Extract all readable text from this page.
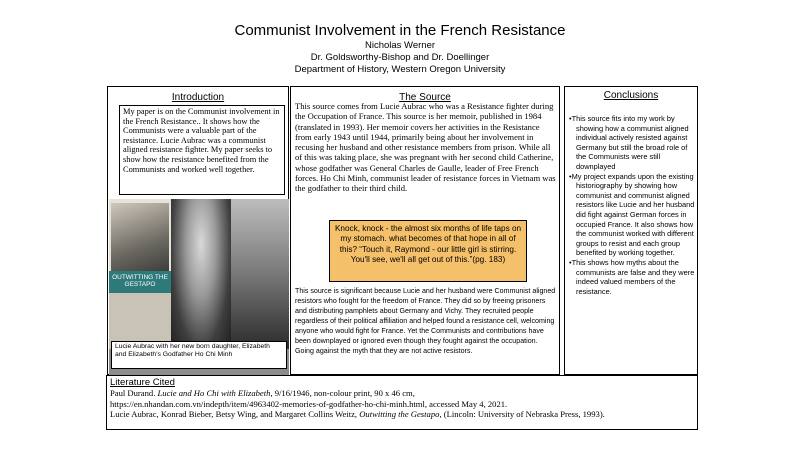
Communist Involvement in the French Resistance
Nicholas Werner
Dr. Goldsworthy-Bishop and Dr. Doellinger
Department of History, Western Oregon University
Introduction
My paper is on the Communist involvement in the French Resistance.. It shows how the Communists were a valuable part of the resistance. Lucie Aubrac was a communist aligned resistance fighter. My paper seeks to show how the resistance benefited from the Communists and worked well together.
OUTWITTING THE GESTAPO
Lucie Aubrac with her new born daughter, Elizabeth and Elizabeth's Godfather Ho Chi Minh
The Source
This source comes from Lucie Aubrac who was a Resistance fighter during the Occupation of France. This source is her memoir, published in 1984 (translated in 1993). Her memoir covers her activities in the Resistance from early 1943 until 1944, primarily being about her involvement in recusing her husband and other resistance members from prison. While all of this was taking place, she was pregnant with her second child Catherine, whose godfather was General Charles de Gaulle, leader of Free French forces. Ho Chi Minh, communist leader of resistance forces in Vietnam was the godfather to their third child.
Knock, knock - the almost six months of life taps on my stomach. what becomes of that hope in all of this? “Touch it, Raymond - our little girl is stirring. You'll see, we'll all get out of this.”(pg. 183)
This source is significant because Lucie and her husband were Communist aligned resistors who fought for the freedom of France. They did so by freeing prisoners and distributing pamphlets about Germany and Vichy. They recruited people regardless of their political affiliation and helped found a resistance cell, welcoming anyone who would fight for France. Yet the Communists and contributions have been downplayed or ignored even though they fought against the occupation. Going against the myth that they are not active resistors.
Conclusions
•This source fits into my work by showing how a communist aligned individual actively resisted against Germany but still the broad role of the Communists were still downplayed
•My project expands upon the existing historiography by showing how communist and communist aligned resistors like Lucie and her husband did fight against German forces in occupied France. It also shows how the communist worked with different groups to resist and each group benefited by working together.
•This shows how myths about the communists are false and they were indeed valued members of the resistance.
Literature Cited
Paul Durand. Lucie and Ho Chi with Elizabeth, 9/16/1946, non-colour print, 90 x 46 cm,
https://en.nhandan.com.vn/indepth/item/4963402-memories-of-godfather-ho-chi-minh.html, accessed May 4, 2021.
Lucie Aubrac, Konrad Bieber, Betsy Wing, and Margaret Collins Weitz, Outwitting the Gestapo, (Lincoln: University of Nebraska Press, 1993).
